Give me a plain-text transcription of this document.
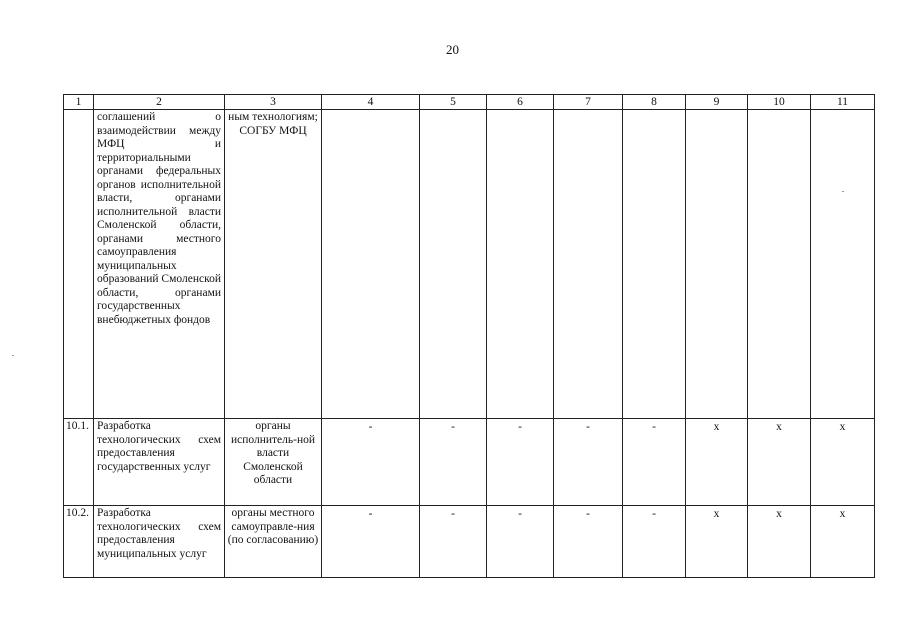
20
1	2	3	4	5	6	7	8	9	10	11
	соглашений о взаимодействии между МФЦ и территориальными органами федеральных органов исполнительной власти, органами исполнительной власти Смоленской области, органами местного самоуправления муниципальных образований Смоленской области, органами государственных внебюджетных фондов	ным технологиям; СОГБУ МФЦ								
10.1.	Разработка технологических схем предоставления государственных услуг	органы исполнитель-ной власти Смоленской области	-	-	-	-	-	х	х	х
10.2.	Разработка технологических схем предоставления муниципальных услуг	органы местного самоуправле-ния (по согласованию)	-	-	-	-	-	х	х	х
